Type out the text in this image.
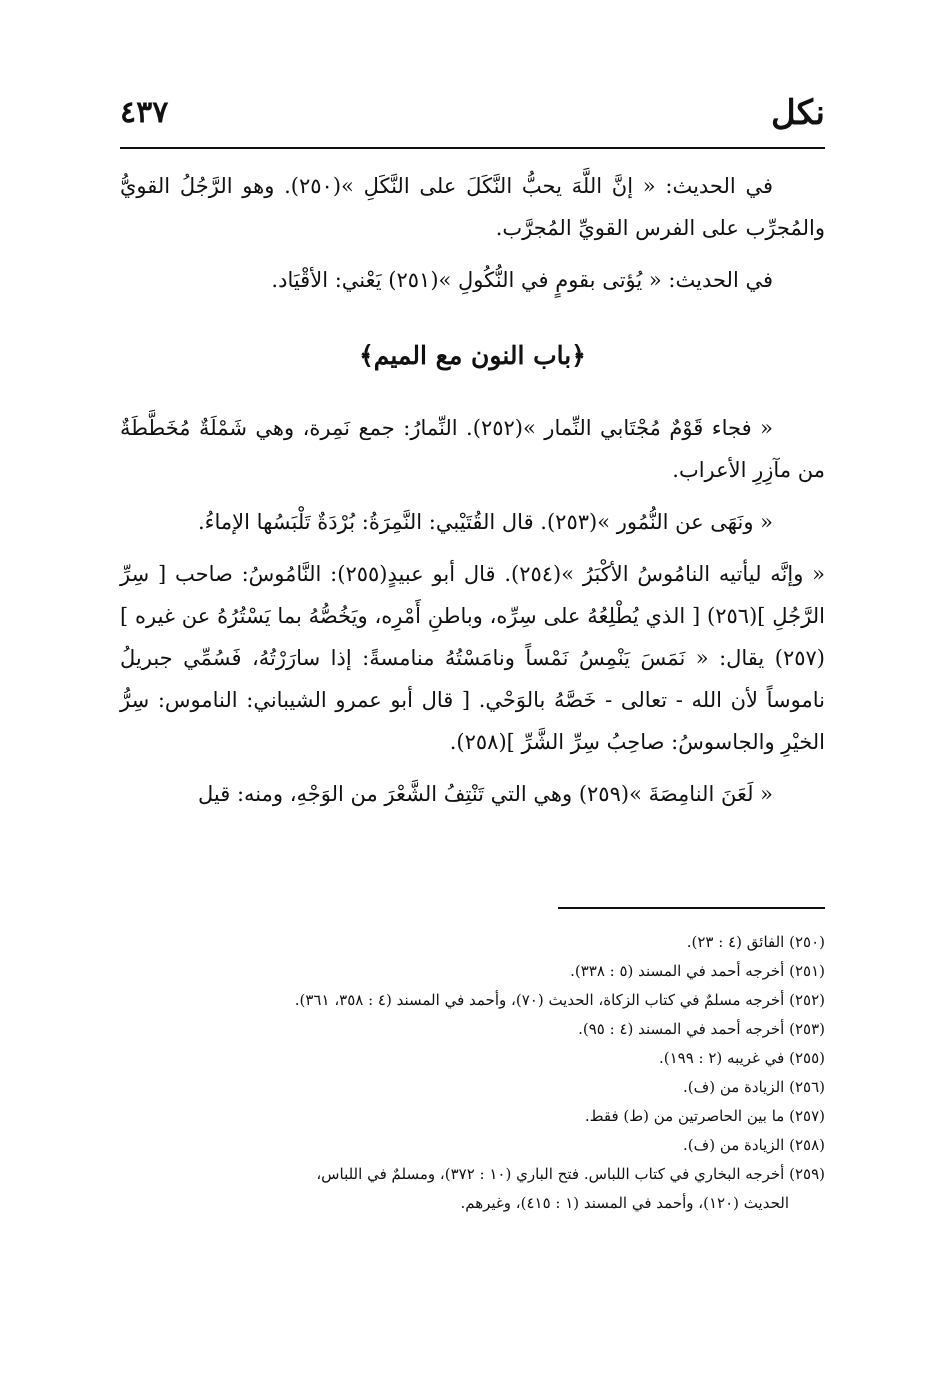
نكل
٤٣٧

في الحديث: « إنَّ اللَّهَ يحبُّ النَّكَلَ على النَّكَلِ »(٢٥٠). وهو الرَّجُلُ القويُّ والمُجرِّب على الفرس القويِّ المُجرَّب.

في الحديث: « يُؤتى بقومٍ في النُّكُولِ »(٢٥١) يَعْني: الأقْيَاد.

﴿باب النون مع الميم﴾

« فجاء قَوْمٌ مُجْتَابي النِّمار »(٢٥٢). النِّمارُ: جمع نَمِرة، وهي شَمْلَةٌ مُخَطَّطَةٌ من مآزِرِ الأعراب.

« ونَهَى عن النُّمُور »(٢٥٣). قال القُتَيْبي: النَّمِرَةُ: بُرْدَةٌ تَلْبَسُها الإماءُ.

« وإنَّه ليأتيه النامُوسُ الأكْبَرُ »(٢٥٤). قال أبو عبيدٍ(٢٥٥): النَّامُوسُ: صاحب [ سِرِّ الرَّجُلِ ](٢٥٦) [ الذي يُطْلِعُهُ على سِرِّه، وباطنِ أَمْرِه، ويَخُصُّهُ بما يَسْتُرُهُ عن غيره ](٢٥٧) يقال: « نَمَسَ يَنْمِسُ نَمْساً ونامَسْتُهُ منامسةً: إذا سارَرْتُهُ، فَسُمِّي جبريلُ ناموساً لأن الله - تعالى - خَصَّهُ بالوَحْي. [ قال أبو عمرو الشيباني: الناموس: سِرُّ الخيْرِ والجاسوسُ: صاحِبُ سِرِّ الشَّرِّ ](٢٥٨).

« لَعَنَ النامِصَةَ »(٢٥٩) وهي التي تَنْتِفُ الشَّعْرَ من الوَجْهِ، ومنه: قيل

(٢٥٠) الفائق (٤ : ٢٣).

(٢٥١) أخرجه أحمد في المسند (٥ : ٣٣٨).

(٢٥٢) أخرجه مسلمٌ في كتاب الزكاة، الحديث (٧٠)، وأحمد في المسند (٤ : ٣٥٨، ٣٦١).

(٢٥٣) أخرجه أحمد في المسند (٤ : ٩٥).

(٢٥٥) في غريبه (٢ : ١٩٩).

(٢٥٦) الزيادة من (ف).

(٢٥٧) ما بين الحاصرتين من (ط) فقط.

(٢٥٨) الزيادة من (ف).

(٢٥٩) أخرجه البخاري في كتاب اللباس. فتح الباري (١٠ : ٣٧٢)، ومسلمٌ في اللباس،

الحديث (١٢٠)، وأحمد في المسند (١ : ٤١٥)، وغيرهم.
